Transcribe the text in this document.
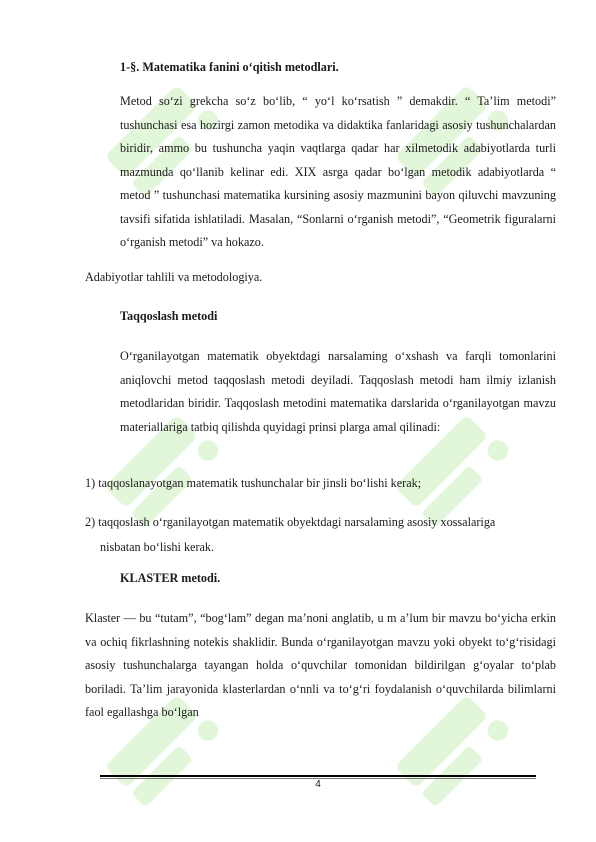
1-§. Matematika fanini o‘qitish metodlari.
Metod so‘zi grekcha so‘z bo‘lib, “ yo‘l ko‘rsatish ” demakdir. “ Ta’lim metodi” tushunchasi esa hozirgi zamon metodika va didaktika fanlaridagi asosiy tushunchalardan biridir, ammo bu tushuncha yaqin vaqtlarga qadar har xilmetodik adabiyotlarda turli mazmunda qo‘llanib kelinar edi. XIX asrga qadar bo‘lgan metodik adabiyotlarda “ metod ” tushunchasi matematika kursining asosiy mazmunini bayon qiluvchi mavzuning tavsifi sifatida ishlatiladi. Masalan, “Sonlarni o‘rganish metodi”, “Geometrik figuralarni o‘rganish metodi” va hokazo.
Adabiyotlar tahlili va metodologiya.
Taqqoslash metodi
O‘rganilayotgan matematik obyektdagi narsalaming o‘xshash va farqli tomonlarini aniqlovchi metod taqqoslash metodi deyiladi. Taqqoslash metodi ham ilmiy izlanish metodlaridan biridir. Taqqoslash metodini matematika darslarida o‘rganilayotgan mavzu materiallariga tatbiq qilishda quyidagi prinsi plarga amal qilinadi:
1) taqqoslanayotgan matematik tushunchalar bir jinsli bo‘lishi kerak;
2) taqqoslash o‘rganilayotgan matematik obyektdagi narsalaming asosiy xossalariga
nisbatan bo‘lishi kerak.
KLASTER metodi.
Klaster — bu “tutam”, “bog‘lam” degan ma’noni anglatib, u m a’lum bir mavzu bo‘yicha erkin va ochiq fikrlashning notekis shaklidir. Bunda o‘rganilayotgan mavzu yoki obyekt to‘g‘risidagi asosiy tushunchalarga tayangan holda o‘quvchilar tomonidan bildirilgan g‘oyalar to‘plab boriladi. Ta’lim jarayonida klasterlardan o‘nnli va to‘g‘ri foydalanish o‘quvchilarda bilimlarni faol egallashga bo‘lgan
4
